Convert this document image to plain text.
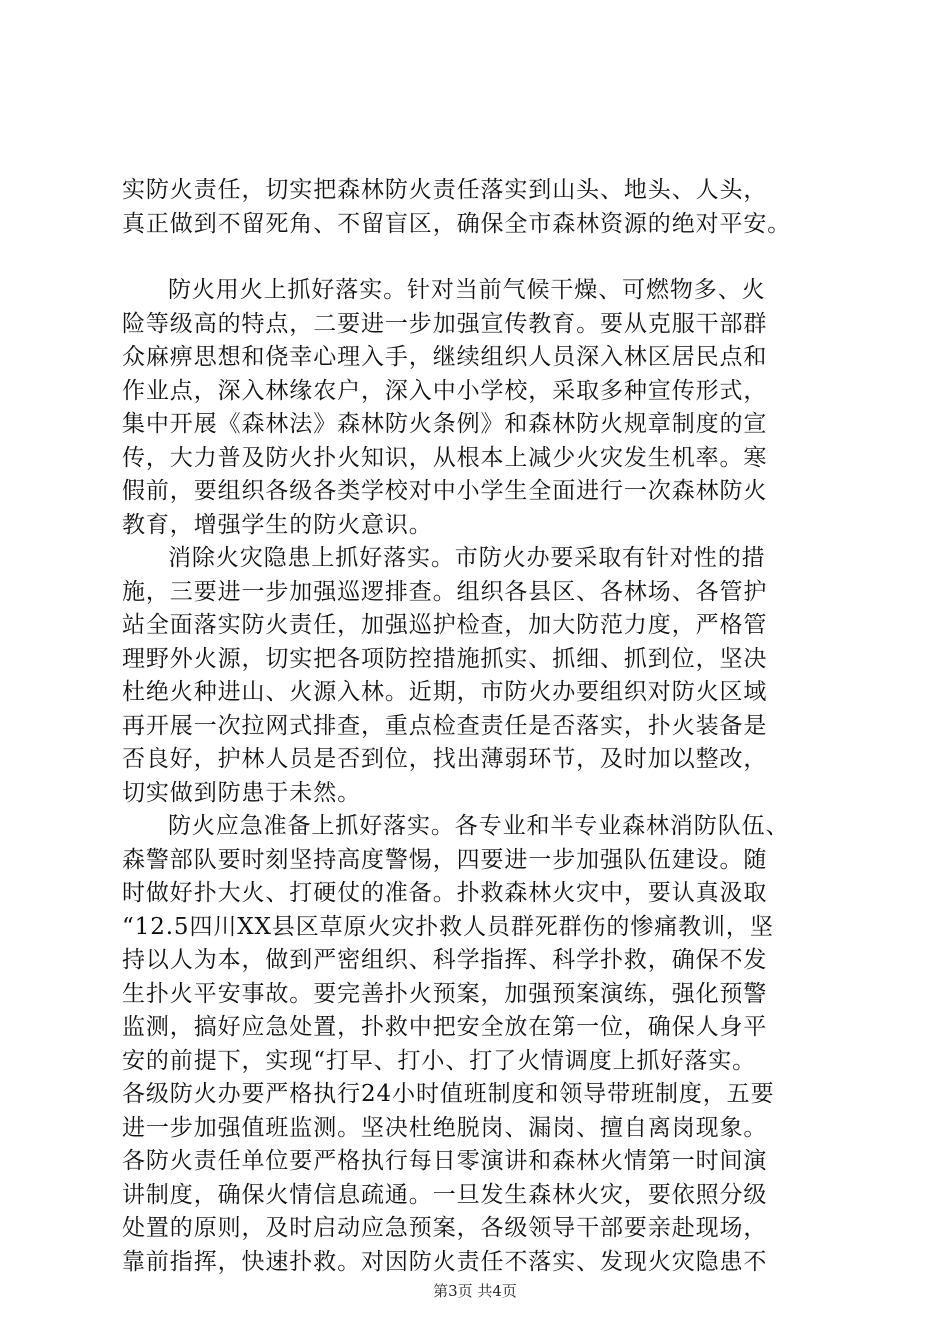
实防火责任，切实把森林防火责任落实到山头、地头、人头，
真正做到不留死角、不留盲区，确保全市森林资源的绝对平安。
防火用火上抓好落实。针对当前气候干燥、可燃物多、火
险等级高的特点，二要进一步加强宣传教育。要从克服干部群
众麻痹思想和侥幸心理入手，继续组织人员深入林区居民点和
作业点，深入林缘农户，深入中小学校，采取多种宣传形式，
集中开展《森林法》森林防火条例》和森林防火规章制度的宣
传，大力普及防火扑火知识，从根本上减少火灾发生机率。寒
假前，要组织各级各类学校对中小学生全面进行一次森林防火
教育，增强学生的防火意识。
消除火灾隐患上抓好落实。市防火办要采取有针对性的措
施，三要进一步加强巡逻排查。组织各县区、各林场、各管护
站全面落实防火责任，加强巡护检查，加大防范力度，严格管
理野外火源，切实把各项防控措施抓实、抓细、抓到位，坚决
杜绝火种进山、火源入林。近期，市防火办要组织对防火区域
再开展一次拉网式排查，重点检查责任是否落实，扑火装备是
否良好，护林人员是否到位，找出薄弱环节，及时加以整改，
切实做到防患于未然。
防火应急准备上抓好落实。各专业和半专业森林消防队伍、
森警部队要时刻坚持高度警惕，四要进一步加强队伍建设。随
时做好扑大火、打硬仗的准备。扑救森林火灾中，要认真汲取
“12.5四川XX县区草原火灾扑救人员群死群伤的惨痛教训，坚
持以人为本，做到严密组织、科学指挥、科学扑救，确保不发
生扑火平安事故。要完善扑火预案，加强预案演练，强化预警
监测，搞好应急处置，扑救中把安全放在第一位，确保人身平
安的前提下，实现“打早、打小、打了火情调度上抓好落实。
各级防火办要严格执行24小时值班制度和领导带班制度，五要
进一步加强值班监测。坚决杜绝脱岗、漏岗、擅自离岗现象。
各防火责任单位要严格执行每日零演讲和森林火情第一时间演
讲制度，确保火情信息疏通。一旦发生森林火灾，要依照分级
处置的原则，及时启动应急预案，各级领导干部要亲赴现场，
靠前指挥，快速扑救。对因防火责任不落实、发现火灾隐患不
第3页 共4页
